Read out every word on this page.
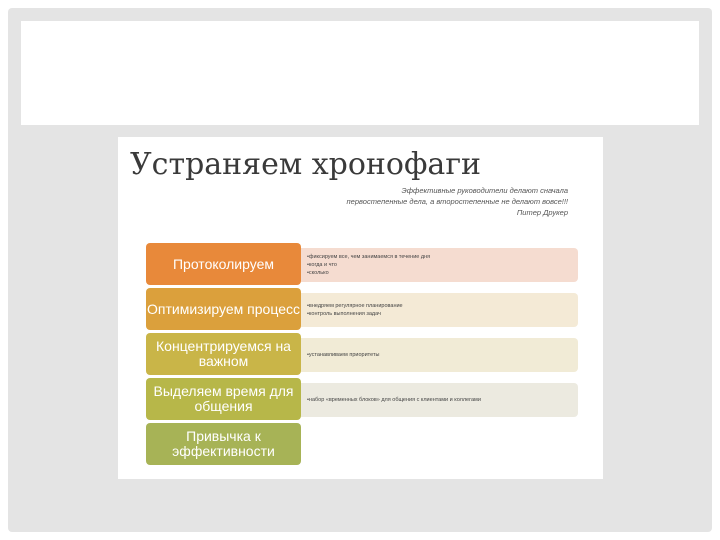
Устраняем хронофаги
Эффективные руководители делают сначала
первостепенные дела, а второстепенные не делают вовсе!!!
Питер Друкер
Протоколируем	•фиксируем все, чем занимаемся в течение дня
•когда и что
•сколько
Оптимизируем процесс •внедряем регулярное планирование
•контроль выполнения задач
Концентрируемся на важном	•устанавливаем приоритеты
Выделяем время для общения	•набор «временных блоков» для общения с клиентами и коллегами
Привычка к эффективности
